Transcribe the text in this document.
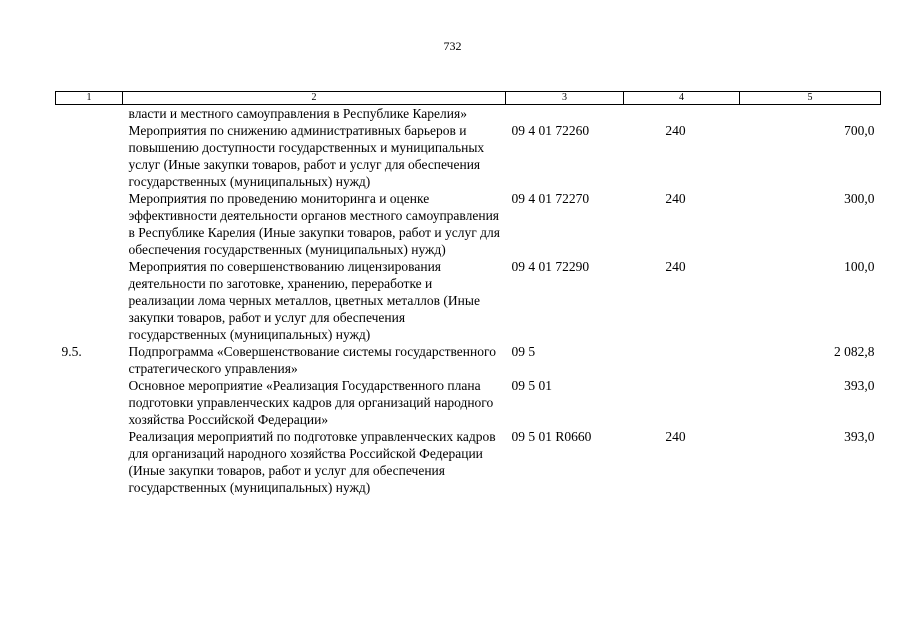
732
1	2	3	4	5
	власти и местного самоуправления в Республике Карелия»			
	Мероприятия по снижению административных барьеров и повышению доступности государственных и муниципальных услуг (Иные закупки товаров, работ и услуг для обеспечения государственных (муниципальных) нужд)	09 4 01 72260	240	700,0
	Мероприятия по проведению мониторинга и оценке эффективности деятельности органов местного самоуправления в Республике Карелия (Иные закупки товаров, работ и услуг для обеспечения государственных (муниципальных) нужд)	09 4 01 72270	240	300,0
	Мероприятия по совершенствованию лицензирования деятельности по заготовке, хранению, переработке и реализации лома черных металлов, цветных металлов (Иные закупки товаров, работ и услуг для обеспечения государственных (муниципальных) нужд)	09 4 01 72290	240	100,0
9.5.	Подпрограмма «Совершенствование системы государственного стратегического управления»	09 5		2 082,8
	Основное мероприятие «Реализация Государственного плана подготовки управленческих кадров для организаций народного хозяйства Российской Федерации»	09 5 01		393,0
	Реализация мероприятий по подготовке управленческих кадров для организаций народного хозяйства Российской Федерации (Иные закупки товаров, работ и услуг для обеспечения государственных (муниципальных) нужд)	09 5 01 R0660	240	393,0
